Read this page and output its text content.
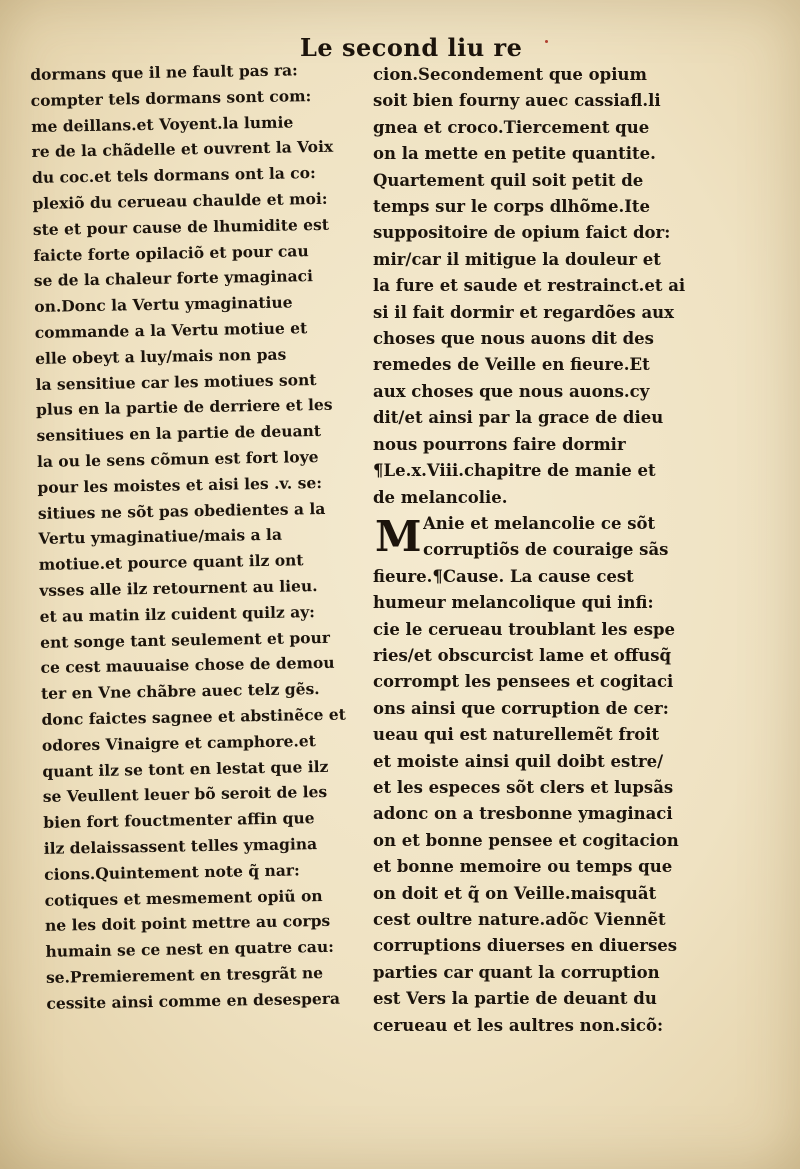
Le second liu re
dormans que il ne fault pas ra:
compter tels dormans sont com:
me deillans.et Voyent.la lumie
re de la chãdelle et ouvrent la Voix
du coc.et tels dormans ont la co:
plexiõ du cerueau chaulde et moi:
ste et pour cause de lhumidite est
faicte forte opilaciõ et pour cau
se de la chaleur forte ymaginaci
on.Donc la Vertu ymaginatiue
commande a la Vertu motiue et
elle obeyt a luy/mais non pas
la sensitiue car les motiues sont
plus en la partie de derriere et les
sensitiues en la partie de deuant
la ou le sens cõmun est fort loye
pour les moistes et aisi les .v. se:
sitiues ne sõt pas obedientes a la
Vertu ymaginatiue/mais a la
motiue.et pource quant ilz ont
vsses alle ilz retournent au lieu.
et au matin ilz cuident quilz ay:
ent songe tant seulement et pour
ce cest mauuaise chose de demou
ter en Vne chãbre auec telz gẽs.
donc faictes sagnee et abstinẽce et
odores Vinaigre et camphore.et
quant ilz se tont en lestat que ilz
se Veullent leuer bõ seroit de les
bien fort fouctmenter affin que
ilz delaissassent telles ymagina
cions.Quintement note q̃ nar:
cotiques et mesmement opiũ on
ne les doit point mettre au corps
humain se ce nest en quatre cau:
se.Premierement en tresgrãt ne
cessite ainsi comme en desespera
cion.Secondement que opium
soit bien fourny auec cassiafl.li
gnea et croco.Tiercement que
on la mette en petite quantite.
Quartement quil soit petit de
temps sur le corps dlhõme.Ite
suppositoire de opium faict dor:
mir/car il mitigue la douleur et
la fure et saude et restrainct.et ai
si il fait dormir et regardões aux
choses que nous auons dit des
remedes de Veille en fieure.Et
aux choses que nous auons.cy
dit/et ainsi par la grace de dieu
nous pourrons faire dormir
¶Le.x.Viii.chapitre de manie et
de melancolie.
M Anie et melancolie ce sõt
corruptiõs de couraige sãs
fieure.¶Cause. La cause cest
humeur melancolique qui infi:
cie le cerueau troublant les espe
ries/et obscurcist lame et offusq̃
corrompt les pensees et cogitaci
ons ainsi que corruption de cer:
ueau qui est naturellemẽt froit
et moiste ainsi quil doibt estre/
et les especes sõt clers et lupsãs
adonc on a tresbonne ymaginaci
on et bonne pensee et cogitacion
et bonne memoire ou temps que
on doit et q̃ on Veille.maisquãt
cest oultre nature.adõc Viennẽt
corruptions diuerses en diuerses
parties car quant la corruption
est Vers la partie de deuant du
cerueau et les aultres non.sicõ:
